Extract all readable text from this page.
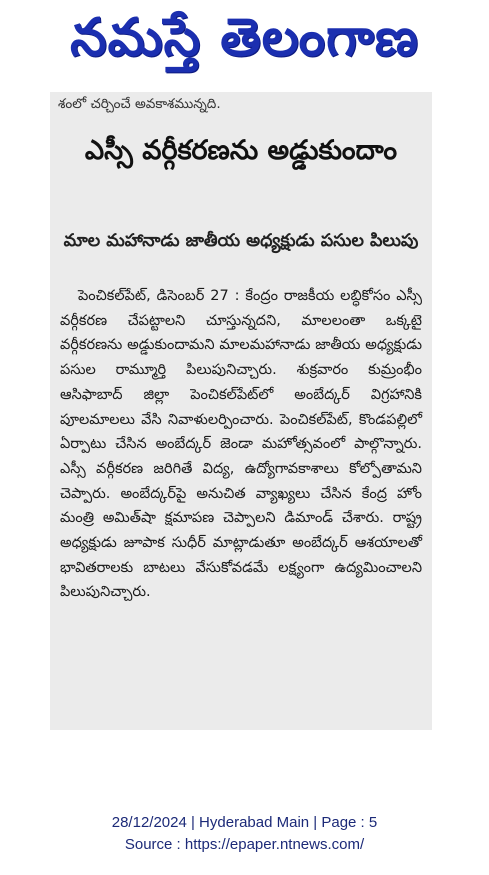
నమస్తే తెలంగాణ
శంలో చర్చించే అవకాశమున్నది.
ఎస్సీ వర్గీకరణను అడ్డుకుందాం
మాల మహానాడు జాతీయ అధ్యక్షుడు పసుల పిలుపు
పెంచికల్‌పేట్, డిసెంబర్ 27 : కేంద్రం రాజకీయ లబ్ధికోసం ఎస్సీ వర్గీకరణ చేపట్టాలని చూస్తున్నదని, మాలలంతా ఒక్కటై వర్గీకరణను అడ్డుకుందామని మాలమహానాడు జాతీయ అధ్యక్షుడు పసుల రామ్మూర్తి పిలుపునిచ్చారు. శుక్రవారం కుమ్రంభీం ఆసిఫాబాద్ జిల్లా పెంచికల్‌పేట్‌లో అంబేద్కర్ విగ్రహానికి పూలమాలలు వేసి నివాళులర్పించారు. పెంచికల్‌పేట్, కొండపల్లిలో ఏర్పాటు చేసిన అంబేద్కర్ జెండా మహోత్సవంలో పాల్గొన్నారు. ఎస్సీ వర్గీకరణ జరిగితే విద్య, ఉద్యోగావకాశాలు కోల్పోతామని చెప్పారు. అంబేద్కర్‌పై అనుచిత వ్యాఖ్యలు చేసిన కేంద్ర హోం మంత్రి అమిత్‌షా క్షమాపణ చెప్పాలని డిమాండ్ చేశారు. రాష్ట్ర అధ్యక్షుడు జూపాక సుధీర్ మాట్లాడుతూ అంబేద్కర్ ఆశయాలతో భావితరాలకు బాటలు వేసుకోవడమే లక్ష్యంగా ఉద్యమించాలని పిలుపునిచ్చారు.
28/12/2024 | Hyderabad Main | Page : 5
Source : https://epaper.ntnews.com/
